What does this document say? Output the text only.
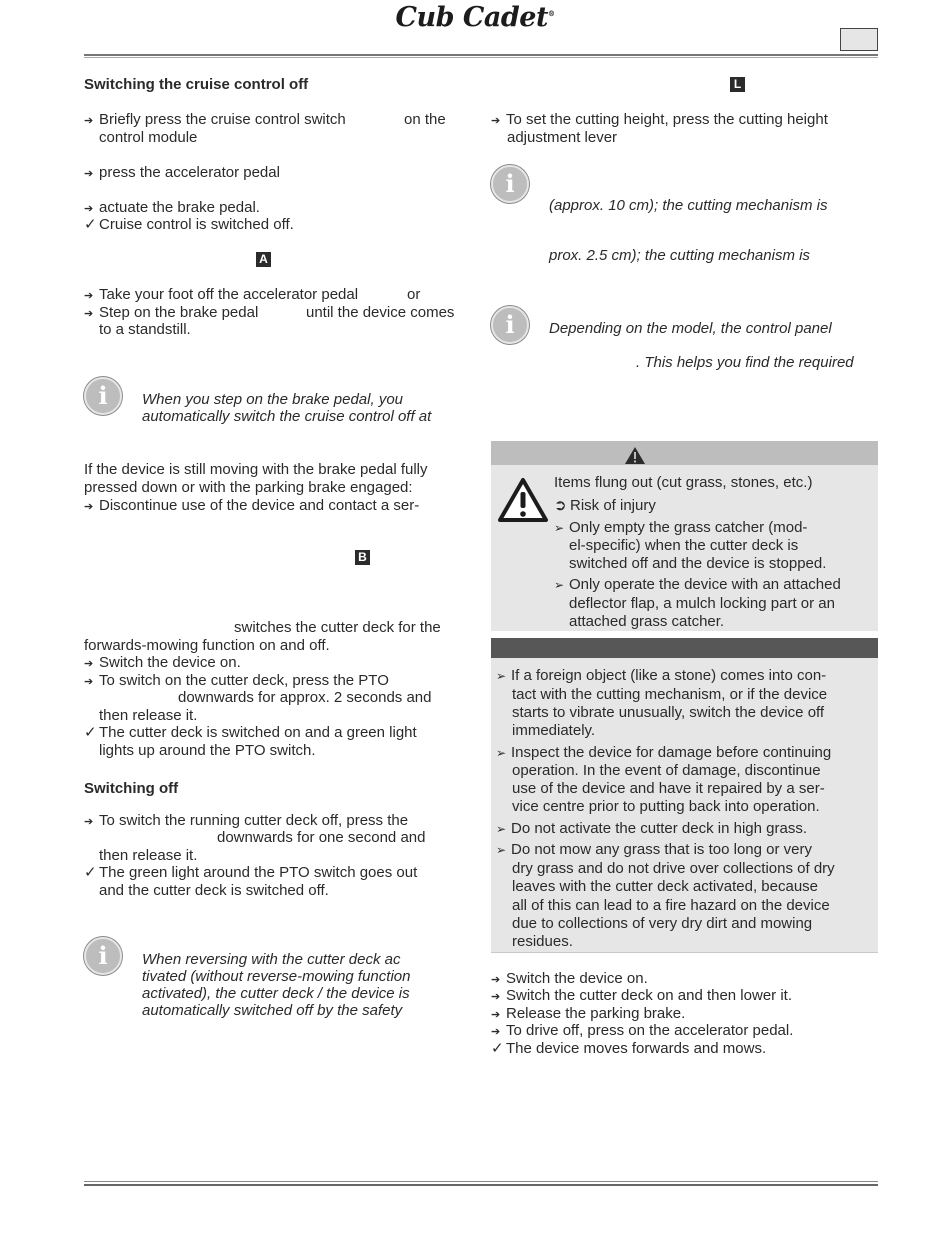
Cub Cadet®
Switching the cruise control off
➔ Briefly press the cruise control switch	on the
control module
➔ press the accelerator pedal
➔ actuate the brake pedal.
✓ Cruise control is switched off.
A
➔ Take your foot off the accelerator pedal	or
➔ Step on the brake pedal	until the device comes
to a standstill.
i	When you step on the brake pedal, you
automatically switch the cruise control off at
If the device is still moving with the brake pedal fully
pressed down or with the parking brake engaged:
➔ Discontinue use of the device and contact a ser-
B
switches the cutter deck for the
forwards-mowing function on and off.
➔ Switch the device on.
➔ To switch on the cutter deck, press the PTO
downwards for approx. 2 seconds and
then release it.
✓ The cutter deck is switched on and a green light
lights up around the PTO switch.
Switching off
➔ To switch the running cutter deck off, press the
downwards for one second and
then release it.
✓ The green light around the PTO switch goes out
and the cutter deck is switched off.
i	When reversing with the cutter deck ac
tivated (without reverse-mowing function
activated), the cutter deck / the device is
automatically switched off by the safety
L
➔ To set the cutting height, press the cutting height
adjustment lever
i
(approx. 10 cm); the cutting mechanism is
prox. 2.5 cm); the cutting mechanism is
i	Depending on the model, the control panel
. This helps you find the required
Items flung out (cut grass, stones, etc.)
➲ Risk of injury
➢ Only empty the grass catcher (mod-
el-specific) when the cutter deck is
switched off and the device is stopped.
➢ Only operate the device with an attached
deflector flap, a mulch locking part or an
attached grass catcher.
➢ If a foreign object (like a stone) comes into con-
tact with the cutting mechanism, or if the device
starts to vibrate unusually, switch the device off
immediately.
➢ Inspect the device for damage before continuing
operation. In the event of damage, discontinue
use of the device and have it repaired by a ser-
vice centre prior to putting back into operation.
➢ Do not activate the cutter deck in high grass.
➢ Do not mow any grass that is too long or very
dry grass and do not drive over collections of dry
leaves with the cutter deck activated, because
all of this can lead to a fire hazard on the device
due to collections of very dry dirt and mowing
residues.
➔ Switch the device on.
➔ Switch the cutter deck on and then lower it.
➔ Release the parking brake.
➔ To drive off, press on the accelerator pedal.
✓ The device moves forwards and mows.
